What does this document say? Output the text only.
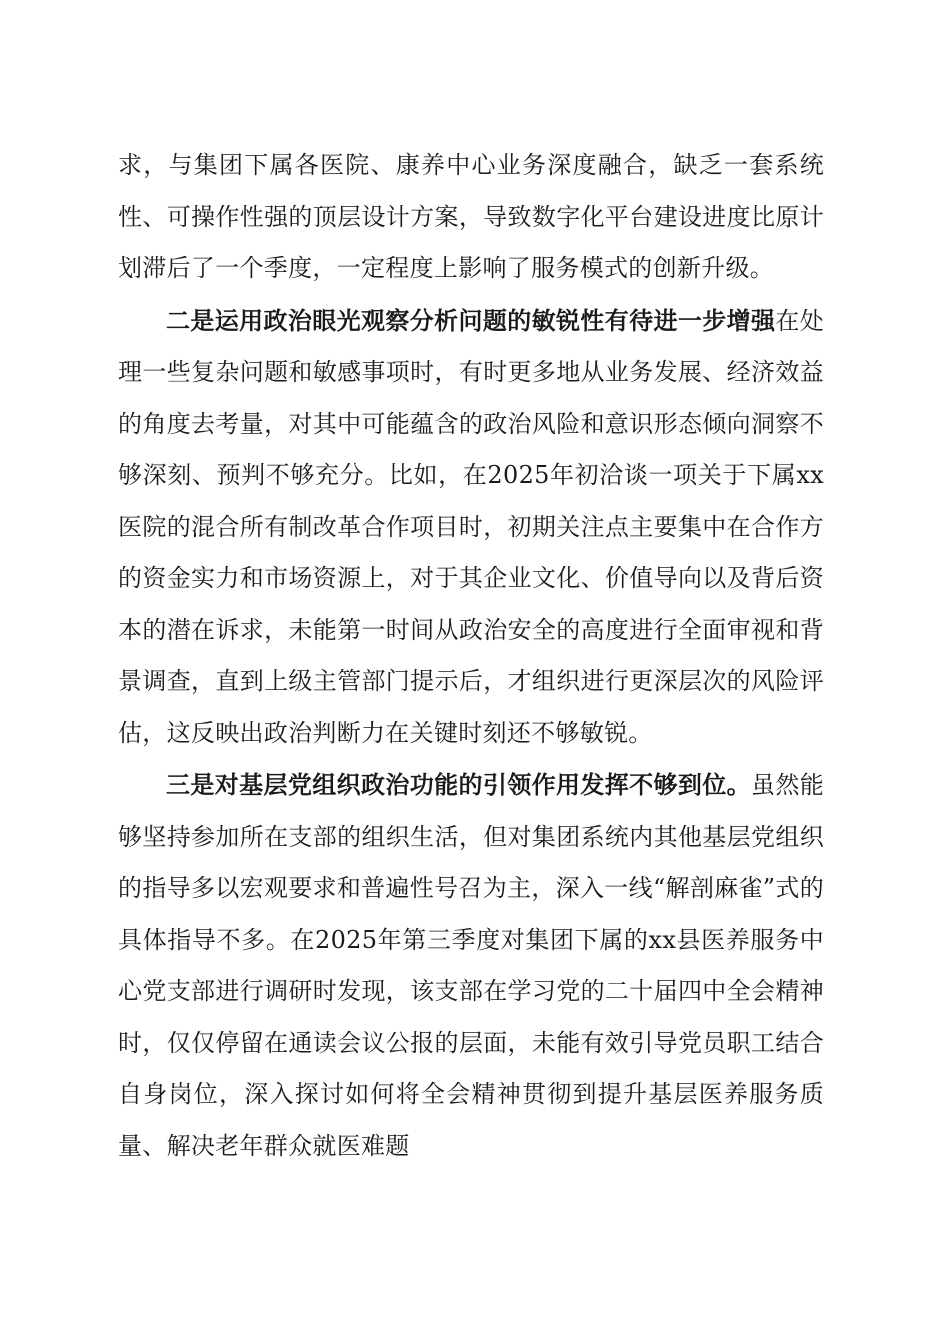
求，与集团下属各医院、康养中心业务深度融合，缺乏一套系统性、可操作性强的顶层设计方案，导致数字化平台建设进度比原计划滞后了一个季度，一定程度上影响了服务模式的创新升级。

二是运用政治眼光观察分析问题的敏锐性有待进一步增强在处理一些复杂问题和敏感事项时，有时更多地从业务发展、经济效益的角度去考量，对其中可能蕴含的政治风险和意识形态倾向洞察不够深刻、预判不够充分。比如，在2025年初洽谈一项关于下属xx医院的混合所有制改革合作项目时，初期关注点主要集中在合作方的资金实力和市场资源上，对于其企业文化、价值导向以及背后资本的潜在诉求，未能第一时间从政治安全的高度进行全面审视和背景调查，直到上级主管部门提示后，才组织进行更深层次的风险评估，这反映出政治判断力在关键时刻还不够敏锐。

三是对基层党组织政治功能的引领作用发挥不够到位。虽然能够坚持参加所在支部的组织生活，但对集团系统内其他基层党组织的指导多以宏观要求和普遍性号召为主，深入一线“解剖麻雀”式的具体指导不多。在2025年第三季度对集团下属的xx县医养服务中心党支部进行调研时发现，该支部在学习党的二十届四中全会精神时，仅仅停留在通读会议公报的层面，未能有效引导党员职工结合自身岗位，深入探讨如何将全会精神贯彻到提升基层医养服务质量、解决老年群众就医难题
